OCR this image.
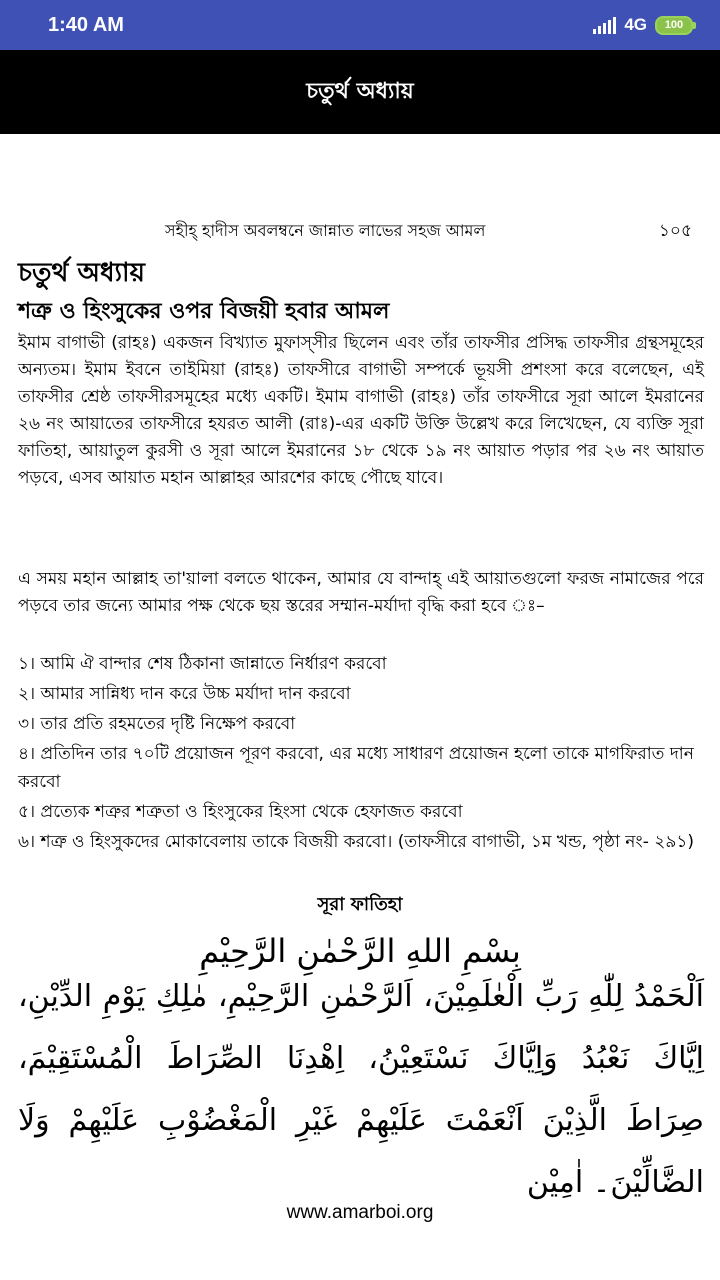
1:40 AM	4G	100
চতুর্থ অধ্যায়
সহীহ্ হাদীস অবলম্বনে জান্নাত লাভের সহজ আমল	১০৫
চতুর্থ অধ্যায়
শত্রু ও হিংসুকের ওপর বিজয়ী হবার আমল
ইমাম বাগাভী (রাহঃ) একজন বিখ্যাত মুফাস্সীর ছিলেন এবং তাঁর তাফসীর প্রসিদ্ধ তাফসীর গ্রন্থসমূহের অন্যতম। ইমাম ইবনে তাইমিয়া (রাহঃ) তাফসীরে বাগাভী সম্পর্কে ভূয়সী প্রশংসা করে বলেছেন, এই তাফসীর শ্রেষ্ঠ তাফসীরসমূহের মধ্যে একটি। ইমাম বাগাভী (রাহঃ) তাঁর তাফসীরে সূরা আলে ইমরানের ২৬ নং আয়াতের তাফসীরে হযরত আলী (রাঃ)-এর একটি উক্তি উল্লেখ করে লিখেছেন, যে ব্যক্তি সূরা ফাতিহা, আয়াতুল কুরসী ও সূরা আলে ইমরানের ১৮ থেকে ১৯ নং আয়াত পড়ার পর ২৬ নং আয়াত পড়বে, এসব আয়াত মহান আল্লাহর আরশের কাছে পৌছে যাবে।
এ সময় মহান আল্লাহ তা'য়ালা বলতে থাকেন, আমার যে বান্দাহ্ এই আয়াতগুলো ফরজ নামাজের পরে পড়বে তার জন্যে আমার পক্ষ থেকে ছয় স্তরের সম্মান-মর্যাদা বৃদ্ধি করা হবে ঃ–
১। আমি ঐ বান্দার শেষ ঠিকানা জান্নাতে নির্ধারণ করবো
২। আমার সান্নিধ্য দান করে উচ্চ মর্যাদা দান করবো
৩। তার প্রতি রহমতের দৃষ্টি নিক্ষেপ করবো
৪। প্রতিদিন তার ৭০টি প্রয়োজন পূরণ করবো, এর মধ্যে সাধারণ প্রয়োজন হলো তাকে মাগফিরাত দান করবো
৫। প্রত্যেক শত্রুর শত্রুতা ও হিংসুকের হিংসা থেকে হেফাজত করবো
৬। শত্রু ও হিংসুকদের মোকাবেলায় তাকে বিজয়ী করবো। (তাফসীরে বাগাভী, ১ম খন্ড, পৃষ্ঠা নং- ২৯১)
সূরা ফাতিহা
بِسْمِ اللهِ الرَّحْمٰنِ الرَّحِيْمِ
اَلْحَمْدُ لِلّٰهِ رَبِّ الْعٰلَمِيْنَ، اَلرَّحْمٰنِ الرَّحِيْمِ، مٰلِكِ يَوْمِ الدِّيْنِ، اِيَّاكَ نَعْبُدُ وَاِيَّاكَ نَسْتَعِيْنُ، اِهْدِنَا الصِّرَاطَ الْمُسْتَقِيْمَ، صِرَاطَ الَّذِيْنَ اَنْعَمْتَ عَلَيْهِمْ غَيْرِ الْمَغْضُوْبِ عَلَيْهِمْ وَلَا الضَّالِّيْنَ۔ اٰمِيْن
www.amarboi.org
